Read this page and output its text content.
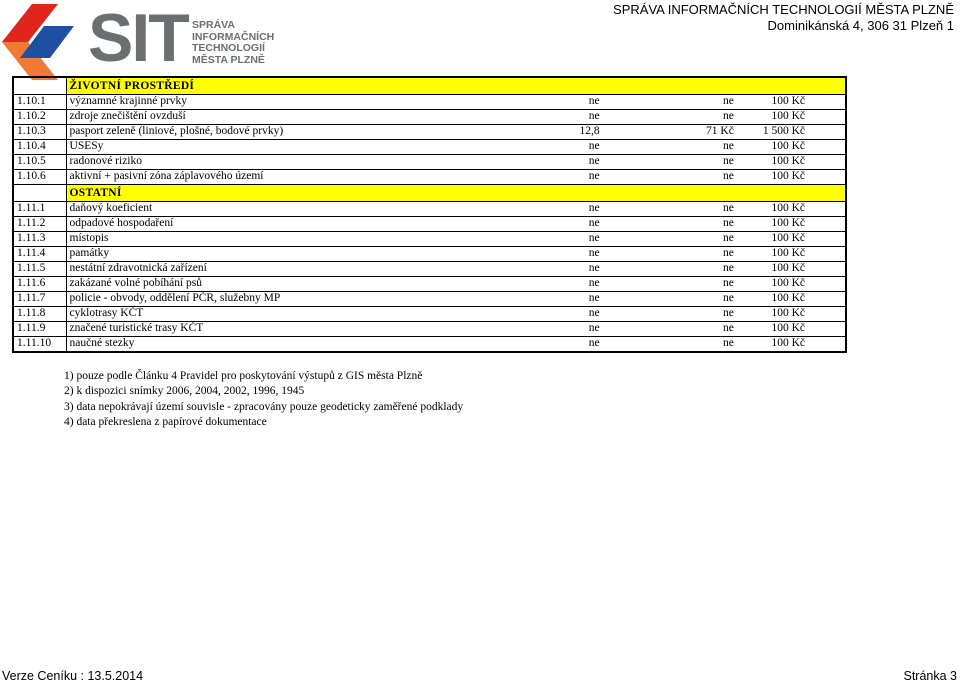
SIT SPRÁVA
INFORMAČNÍCH
TECHNOLOGIÍ
MĚSTA PLZNĚ
SPRÁVA INFORMAČNÍCH TECHNOLOGIÍ MĚSTA PLZNĚ
Dominikánská 4, 306 31 Plzeň 1
	ŽIVOTNÍ PROSTŘEDÍ			
1.10.1	významné krajinné prvky	ne	ne	100 Kč
1.10.2	zdroje znečištění ovzduší	ne	ne	100 Kč
1.10.3	pasport zeleně (liniové, plošné, bodové prvky)	12,8	71 Kč	1 500 Kč
1.10.4	USESy	ne	ne	100 Kč
1.10.5	radonové riziko	ne	ne	100 Kč
1.10.6	aktivní + pasivní zóna záplavového území	ne	ne	100 Kč
	OSTATNÍ			
1.11.1	daňový koeficient	ne	ne	100 Kč
1.11.2	odpadové hospodaření	ne	ne	100 Kč
1.11.3	místopis	ne	ne	100 Kč
1.11.4	památky	ne	ne	100 Kč
1.11.5	nestátní zdravotnická zařízení	ne	ne	100 Kč
1.11.6	zakázané volné pobíhání psů	ne	ne	100 Kč
1.11.7	policie - obvody, oddělení PČR, služebny MP	ne	ne	100 Kč
1.11.8	cyklotrasy KČT	ne	ne	100 Kč
1.11.9	značené turistické trasy KČT	ne	ne	100 Kč
1.11.10	naučné stezky	ne	ne	100 Kč
1) pouze podle Článku 4 Pravidel pro poskytování výstupů z GIS města Plzně
2) k dispozici snímky 2006, 2004, 2002, 1996, 1945
3) data nepokrávají území souvisle - zpracovány pouze geodeticky zaměřené podklady
4) data překreslena z papírové dokumentace
Verze Ceníku : 13.5.2014	Stránka 3
